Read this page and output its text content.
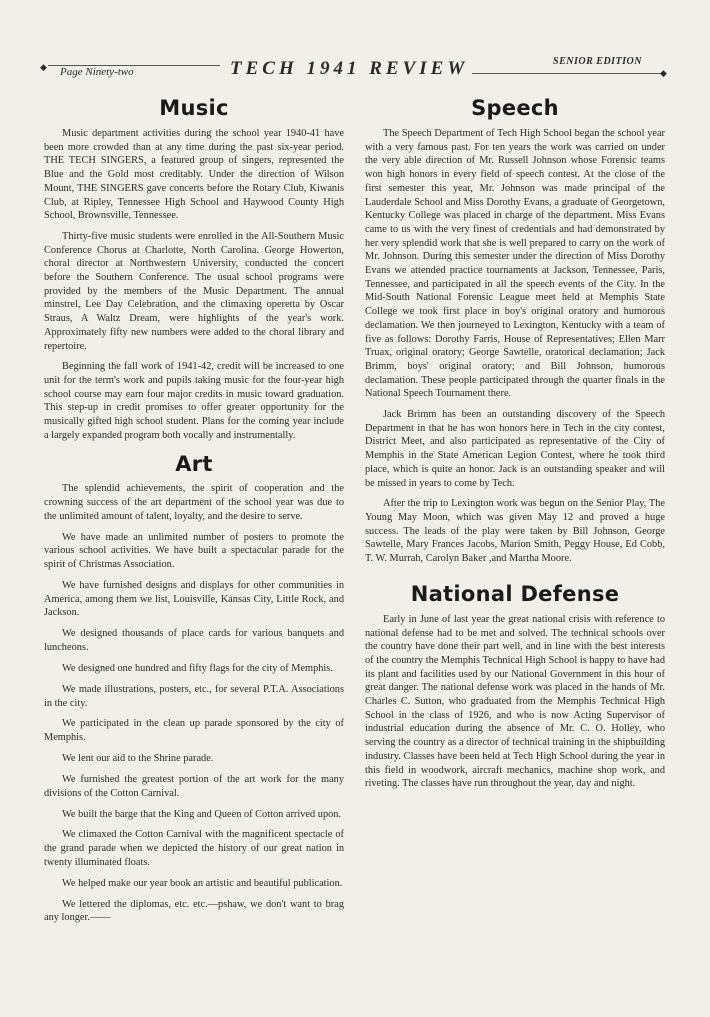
◆ Page Ninety-two	TECH 1941 REVIEW	SENIOR EDITION
◆
Music

Music department activities during the school year 1940-41 have been more crowded than at any time during the past six-year period. THE TECH SINGERS, a featured group of singers, represented the Blue and the Gold most creditably. Under the direction of Wilson Mount, THE SINGERS gave concerts before the Rotary Club, Kiwanis Club, at Ripley, Tennessee High School and Haywood County High School, Brownsville, Tennessee.

Thirty-five music students were enrolled in the All-Southern Music Conference Chorus at Charlotte, North Carolina. George Howerton, choral director at Northwestern University, conducted the concert before the Southern Conference. The usual school programs were provided by the members of the Music Department. The annual minstrel, Lee Day Celebration, and the climaxing operetta by Oscar Straus, A Waltz Dream, were highlights of the year's work. Approximately fifty new numbers were added to the choral library and repertoire.

Beginning the fall work of 1941-42, credit will be increased to one unit for the term's work and pupils taking music for the four-year high school course may earn four major credits in music toward graduation. This step-up in credit promises to offer greater opportunity for the musically gifted high school student. Plans for the coming year include a largely expanded program both vocally and instrumentally.

Art

The splendid achievements, the spirit of cooperation and the crowning success of the art department of the school year was due to the unlimited amount of talent, loyalty, and the desire to serve.

We have made an unlimited number of posters to promote the various school activities. We have built a spectacular parade for the spirit of Christmas Association.

We have furnished designs and displays for other communities in America, among them we list, Louisville, Kansas City, Little Rock, and Jackson.

We designed thousands of place cards for various banquets and luncheons.

We designed one hundred and fifty flags for the city of Memphis.

We made illustrations, posters, etc., for several P.T.A. Associations in the city.

We participated in the clean up parade sponsored by the city of Memphis.

We lent our aid to the Shrine parade.

We furnished the greatest portion of the art work for the many divisions of the Cotton Carnival.

We built the barge that the King and Queen of Cotton arrived upon.

We climaxed the Cotton Carnival with the magnificent spectacle of the grand parade when we depicted the history of our great nation in twenty illuminated floats.

We helped make our year book an artistic and beautiful publication.

We lettered the diplomas, etc. etc.—pshaw, we don't want to brag any longer.——

Speech

The Speech Department of Tech High School began the school year with a very famous past. For ten years the work was carried on under the very able direction of Mr. Russell Johnson whose Forensic teams won high honors in every field of speech contest. At the close of the first semester this year, Mr. Johnson was made principal of the Lauderdale School and Miss Dorothy Evans, a graduate of Georgetown, Kentucky College was placed in charge of the department. Miss Evans came to us with the very finest of credentials and had demonstrated by her very splendid work that she is well prepared to carry on the work of Mr. Johnson. During this semester under the direction of Miss Dorothy Evans we attended practice tournaments at Jackson, Tennessee, Paris, Tennessee, and participated in all the speech events of the City. In the Mid-South National Forensic League meet held at Memphis State College we took first place in boy's original oratory and humorous declamation. We then journeyed to Lexington, Kentucky with a team of five as follows: Dorothy Farris, House of Representatives; Ellen Marr Truax, original oratory; George Sawtelle, oratorical declamation; Jack Brimm, boys' original oratory; and Bill Johnson, humorous declamation. These people participated through the quarter finals in the National Speech Tournament there.

Jack Brimm has been an outstanding discovery of the Speech Department in that he has won honors here in Tech in the city contest, District Meet, and also participated as representative of the City of Memphis in the State American Legion Contest, where he took third place, which is quite an honor. Jack is an outstanding speaker and will be missed in years to come by Tech.

After the trip to Lexington work was begun on the Senior Play, The Young May Moon, which was given May 12 and proved a huge success. The leads of the play were taken by Bill Johnson, George Sawtelle, Mary Frances Jacobs, Marion Smith, Peggy House, Ed Cobb, T. W. Murrah, Carolyn Baker ,and Martha Moore.

National Defense

Early in June of last year the great national crisis with reference to national defense had to be met and solved. The technical schools over the country have done their part well, and in line with the best interests of the country the Memphis Technical High School is happy to have had its plant and facilities used by our National Government in this hour of great danger. The national defense work was placed in the hands of Mr. Charles C. Sutton, who graduated from the Memphis Technical High School in the class of 1926, and who is now Acting Supervisor of industrial education during the absence of Mr. C. O. Holley, who serving the country as a director of technical training in the shipbuilding industry. Classes have been held at Tech High School during the year in this field in woodwork, aircraft mechanics, machine shop work, and riveting. The classes have run throughout the year, day and night.
